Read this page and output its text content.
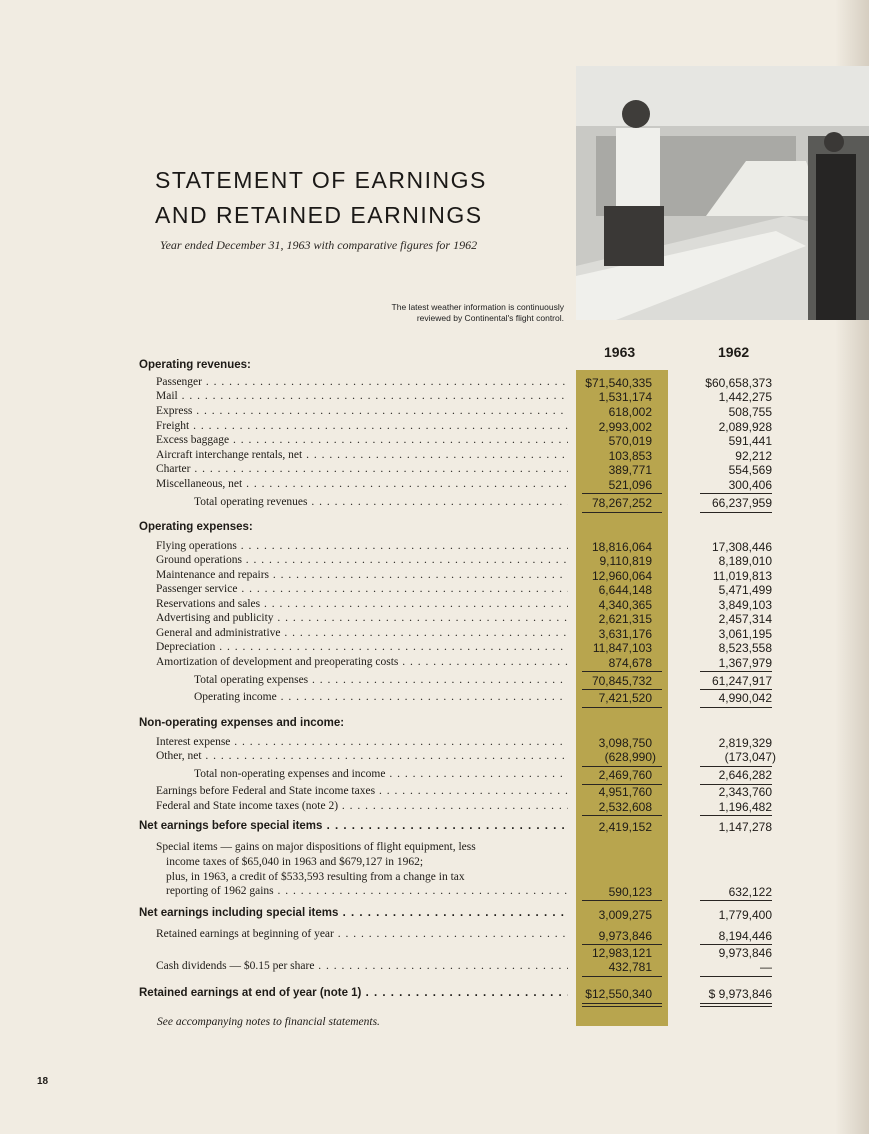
STATEMENT OF EARNINGS
AND RETAINED EARNINGS
Year ended December 31, 1963 with comparative figures for 1962
The latest weather information is continuously
reviewed by Continental's flight control.
1963	1962
Operating revenues:
Passenger . . .	$71,540,335	$60,658,373
Mail . . .	1,531,174	1,442,275
Express . . .	618,002	508,755
Freight . . .	2,993,002	2,089,928
Excess baggage . . .	570,019	591,441
Aircraft interchange rentals, net . . .	103,853	92,212
Charter . . .	389,771	554,569
Miscellaneous, net . . .	521,096	300,406
Total operating revenues . . .	78,267,252	66,237,959
Operating expenses:
Flying operations . . .	18,816,064	17,308,446
Ground operations . . .	9,110,819	8,189,010
Maintenance and repairs . . .	12,960,064	11,019,813
Passenger service . . .	6,644,148	5,471,499
Reservations and sales . . .	4,340,365	3,849,103
Advertising and publicity . . .	2,621,315	2,457,314
General and administrative . . .	3,631,176	3,061,195
Depreciation . . .	11,847,103	8,523,558
Amortization of development and preoperating costs . . .	874,678	1,367,979
Total operating expenses . . .	70,845,732	61,247,917
Operating income . . .	7,421,520	4,990,042
Non-operating expenses and income:
Interest expense . . .	3,098,750	2,819,329
Other, net . . .	(628,990)	(173,047)
Total non-operating expenses and income . . .	2,469,760	2,646,282
Earnings before Federal and State income taxes . . .	4,951,760	2,343,760
Federal and State income taxes (note 2) . . .	2,532,608	1,196,482
Net earnings before special items . . .	2,419,152	1,147,278
Special items — gains on major dispositions of flight equipment, less
income taxes of $65,040 in 1963 and $679,127 in 1962;
plus, in 1963, a credit of $533,593 resulting from a change in tax
reporting of 1962 gains . . .	590,123	632,122
Net earnings including special items . . .	3,009,275	1,779,400
Retained earnings at beginning of year . . .	9,973,846	8,194,446
12,983,121	9,973,846
Cash dividends — $0.15 per share . . .	432,781	—
Retained earnings at end of year (note 1) . . .	$12,550,340	$ 9,973,846
See accompanying notes to financial statements.
18
